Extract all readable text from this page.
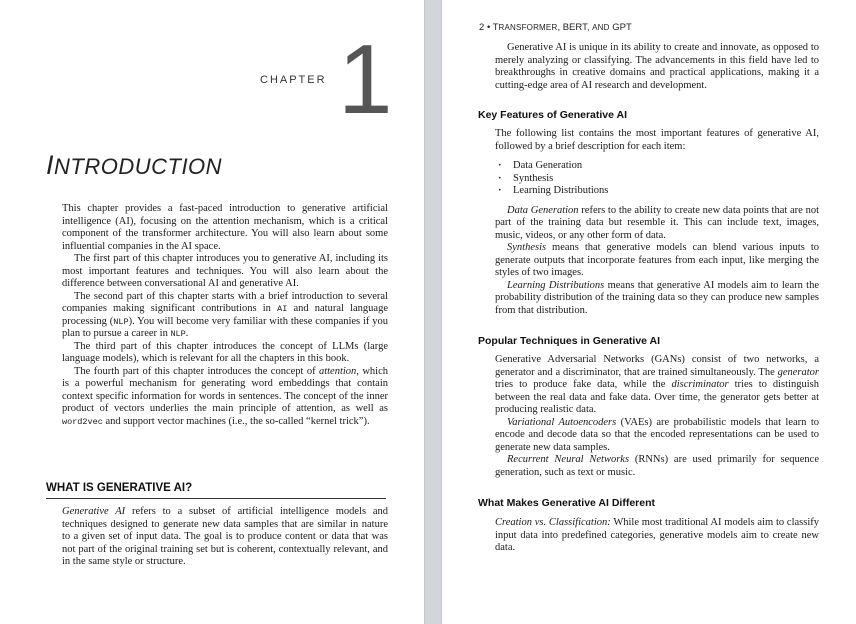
CHAPTER 1
INTRODUCTION

This chapter provides a fast-paced introduction to generative artificial intelligence (AI), focusing on the attention mechanism, which is a critical component of the transformer architecture. You will also learn about some influential companies in the AI space.

The first part of this chapter introduces you to generative AI, including its most important features and techniques. You will also learn about the difference between conversational AI and generative AI.

The second part of this chapter starts with a brief introduction to several companies making significant contributions in AI and natural language processing (NLP). You will become very familiar with these companies if you plan to pursue a career in NLP.

The third part of this chapter introduces the concept of LLMs (large language models), which is relevant for all the chapters in this book.

The fourth part of this chapter introduces the concept of attention, which is a powerful mechanism for generating word embeddings that contain context specific information for words in sentences. The concept of the inner product of vectors underlies the main principle of attention, as well as word2vec and support vector machines (i.e., the so-called “kernel trick”).

WHAT IS GENERATIVE AI?

Generative AI refers to a subset of artificial intelligence models and techniques designed to generate new data samples that are similar in nature to a given set of input data. The goal is to produce content or data that was not part of the original training set but is coherent, contextually relevant, and in the same style or structure.

2 • TRANSFORMER, BERT, AND GPT

Generative AI is unique in its ability to create and innovate, as opposed to merely analyzing or classifying. The advancements in this field have led to breakthroughs in creative domains and practical applications, making it a cutting-edge area of AI research and development.

Key Features of Generative AI

The following list contains the most important features of generative AI, followed by a brief description for each item:

· Data Generation
· Synthesis
· Learning Distributions

Data Generation refers to the ability to create new data points that are not part of the training data but resemble it. This can include text, images, music, videos, or any other form of data.

Synthesis means that generative models can blend various inputs to generate outputs that incorporate features from each input, like merging the styles of two images.

Learning Distributions means that generative AI models aim to learn the probability distribution of the training data so they can produce new samples from that distribution.

Popular Techniques in Generative AI

Generative Adversarial Networks (GANs) consist of two networks, a generator and a discriminator, that are trained simultaneously. The generator tries to produce fake data, while the discriminator tries to distinguish between the real data and fake data. Over time, the generator gets better at producing realistic data.

Variational Autoencoders (VAEs) are probabilistic models that learn to encode and decode data so that the encoded representations can be used to generate new data samples.

Recurrent Neural Networks (RNNs) are used primarily for sequence generation, such as text or music.

What Makes Generative AI Different

Creation vs. Classification: While most traditional AI models aim to classify input data into predefined categories, generative models aim to create new data.
